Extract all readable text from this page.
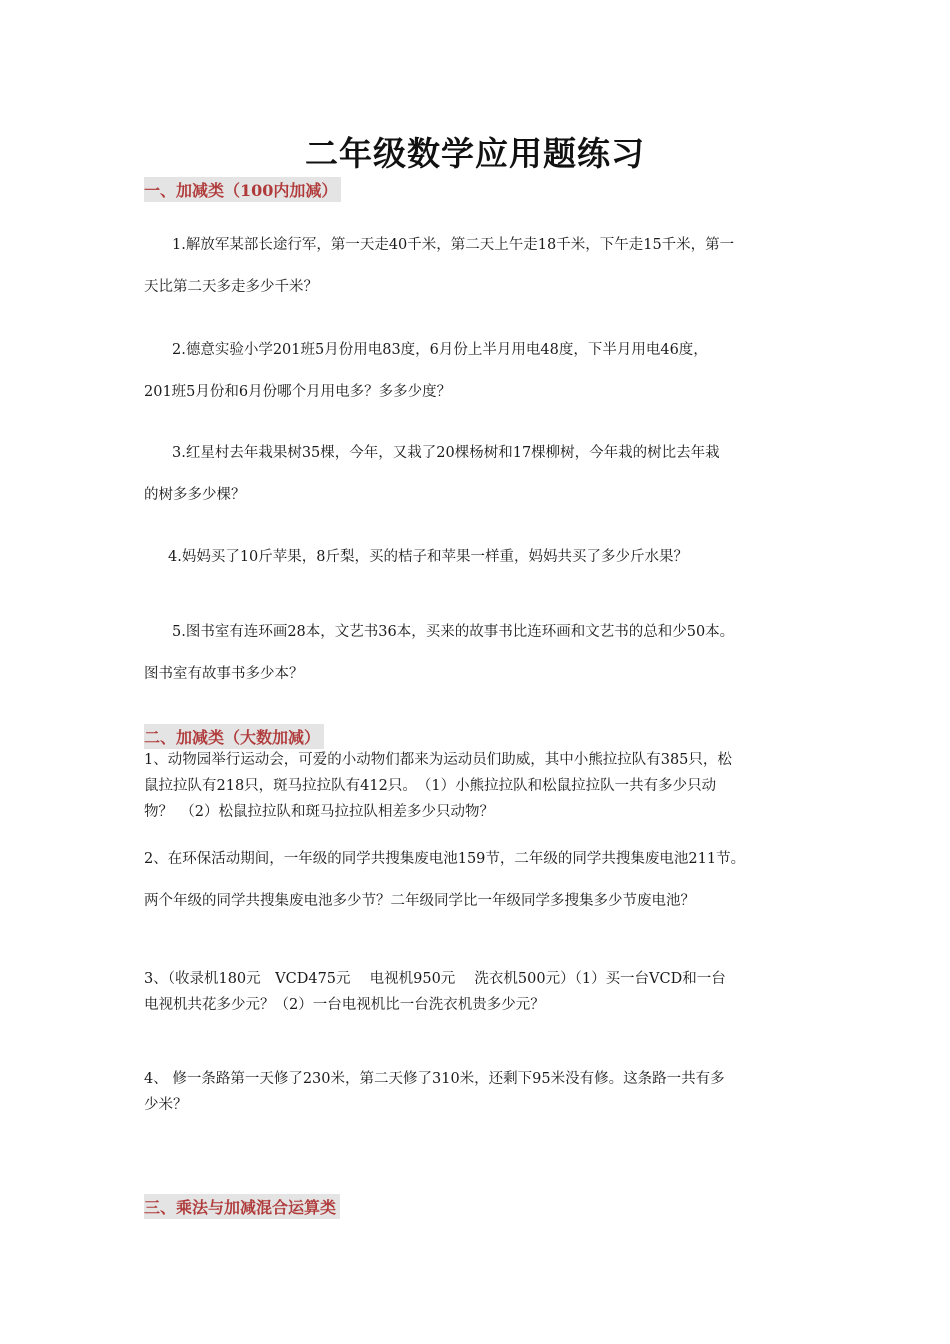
二年级数学应用题练习
一、加减类（100内加减）

1.解放军某部长途行军，第一天走40千米，第二天上午走18千米，下午走15千米，第一
天比第二天多走多少千米？

2.德意实验小学201班5月份用电83度，6月份上半月用电48度，下半月用电46度，
201班5月份和6月份哪个月用电多？多多少度？

3.红星村去年栽果树35棵，今年，又栽了20棵杨树和17棵柳树，今年栽的树比去年栽
的树多多少棵？

4.妈妈买了10斤苹果，8斤梨，买的桔子和苹果一样重，妈妈共买了多少斤水果？

5.图书室有连环画28本，文艺书36本，买来的故事书比连环画和文艺书的总和少50本。
图书室有故事书多少本？

二、加减类（大数加减）

1、动物园举行运动会，可爱的小动物们都来为运动员们助威，其中小熊拉拉队有385只，松
鼠拉拉队有218只，斑马拉拉队有412只。　（1）小熊拉拉队和松鼠拉拉队一共有多少只动
物？　（2）松鼠拉拉队和斑马拉拉队相差多少只动物？

2、在环保活动期间，一年级的同学共搜集废电池159节，二年级的同学共搜集废电池211节。
两个年级的同学共搜集废电池多少节？二年级同学比一年级同学多搜集多少节废电池？

3、（收录机180元　VCD475元　 电视机950元　 洗衣机500元）（1）买一台VCD和一台
电视机共花多少元？（2）一台电视机比一台洗衣机贵多少元？

4、 修一条路第一天修了230米，第二天修了310米，还剩下95米没有修。这条路一共有多
少米？

三、乘法与加减混合运算类
